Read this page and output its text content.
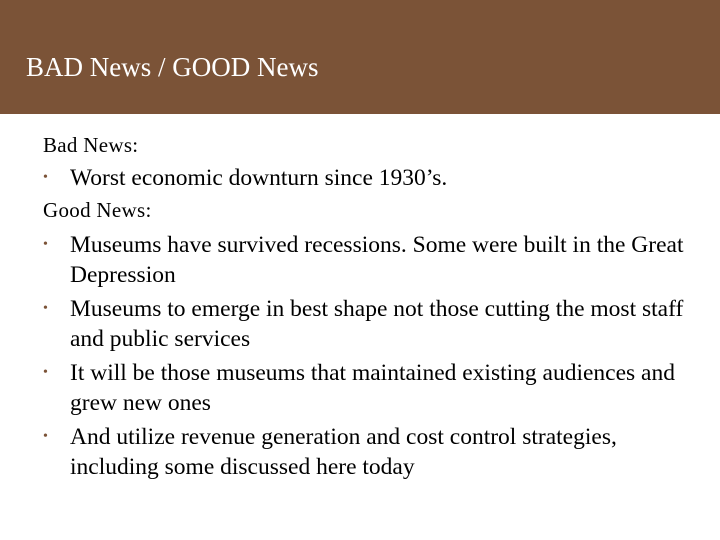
BAD News / GOOD News
Bad News:
• Worst economic downturn since 1930’s.
Good News:
• Museums have survived recessions. Some were built in the Great Depression
• Museums to emerge in best shape not those cutting the most staff and public services
• It will be those museums that maintained existing audiences and grew new ones
• And utilize revenue generation and cost control strategies, including some discussed here today
